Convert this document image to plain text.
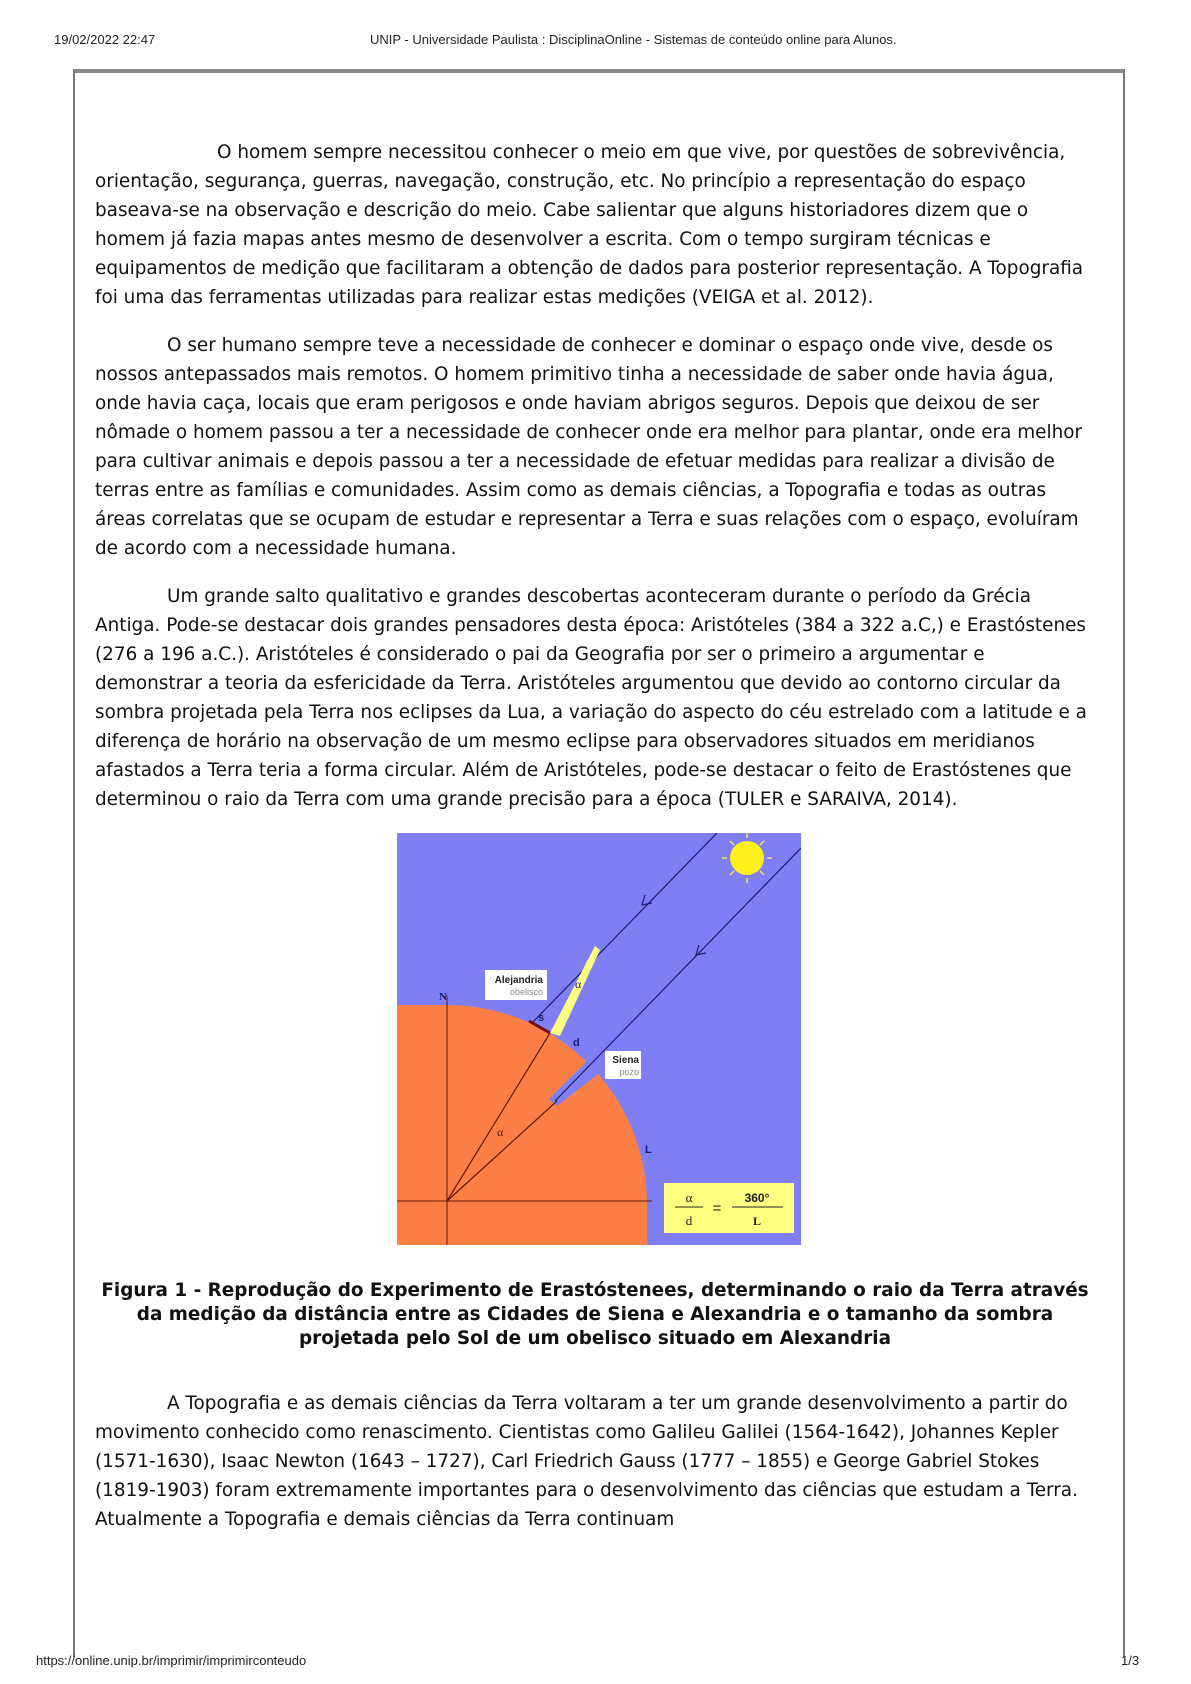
19/02/2022 22:47	UNIP - Universidade Paulista : DisciplinaOnline - Sistemas de conteúdo online para Alunos.

O homem sempre necessitou conhecer o meio em que vive, por questões de sobrevivência, orientação, segurança, guerras, navegação, construção, etc. No princípio a representação do espaço baseava-se na observação e descrição do meio. Cabe salientar que alguns historiadores dizem que o homem já fazia mapas antes mesmo de desenvolver a escrita. Com o tempo surgiram técnicas e equipamentos de medição que facilitaram a obtenção de dados para posterior representação. A Topografia foi uma das ferramentas utilizadas para realizar estas medições (VEIGA et al. 2012).

O ser humano sempre teve a necessidade de conhecer e dominar o espaço onde vive, desde os nossos antepassados mais remotos. O homem primitivo tinha a necessidade de saber onde havia água, onde havia caça, locais que eram perigosos e onde haviam abrigos seguros. Depois que deixou de ser nômade o homem passou a ter a necessidade de conhecer onde era melhor para plantar, onde era melhor para cultivar animais e depois passou a ter a necessidade de efetuar medidas para realizar a divisão de terras entre as famílias e comunidades. Assim como as demais ciências, a Topografia e todas as outras áreas correlatas que se ocupam de estudar e representar a Terra e suas relações com o espaço, evoluíram de acordo com a necessidade humana.

Um grande salto qualitativo e grandes descobertas aconteceram durante o período da Grécia Antiga. Pode-se destacar dois grandes pensadores desta época: Aristóteles (384 a 322 a.C,) e Erastóstenes (276 a 196 a.C.). Aristóteles é considerado o pai da Geografia por ser o primeiro a argumentar e demonstrar a teoria da esfericidade da Terra. Aristóteles argumentou que devido ao contorno circular da sombra projetada pela Terra nos eclipses da Lua, a variação do aspecto do céu estrelado com a latitude e a diferença de horário na observação de um mesmo eclipse para observadores situados em meridianos afastados a Terra teria a forma circular. Além de Aristóteles, pode-se destacar o feito de Erastóstenes que determinou o raio da Terra com uma grande precisão para a época (TULER e SARAIVA, 2014).

Alejandria
obelisco
Siena
pozo
N
s
d
L
α
α
α
d
=
360°
L
Figura 1 - Reprodução do Experimento de Erastóstenees, determinando o raio da Terra através da medição da distância entre as Cidades de Siena e Alexandria e o tamanho da sombra projetada pelo Sol de um obelisco situado em Alexandria

A Topografia e as demais ciências da Terra voltaram a ter um grande desenvolvimento a partir do movimento conhecido como renascimento. Cientistas como Galileu Galilei (1564-1642), Johannes Kepler (1571-1630), Isaac Newton (1643 – 1727), Carl Friedrich Gauss (1777 – 1855) e George Gabriel Stokes (1819-1903) foram extremamente importantes para o desenvolvimento das ciências que estudam a Terra. Atualmente a Topografia e demais ciências da Terra continuam

https://online.unip.br/imprimir/imprimirconteudo	1/3
